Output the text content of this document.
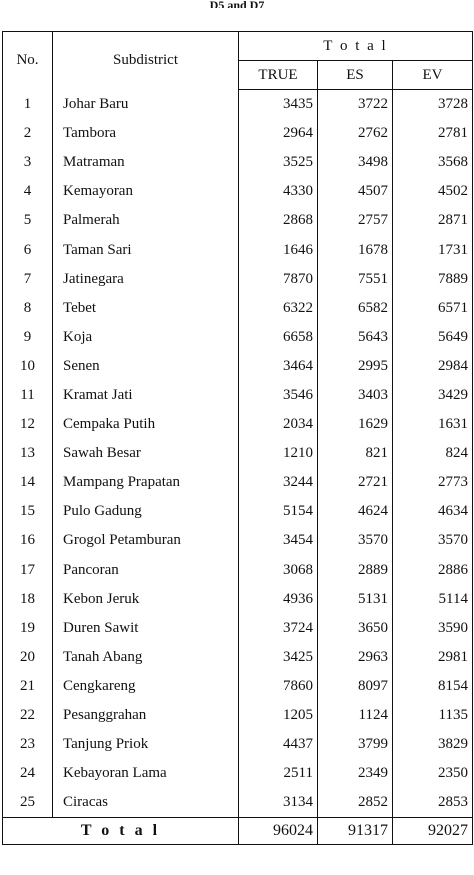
D5 and D7
No.	Subdistrict	T o t a l		
		TRUE	ES	EV
1	Johar Baru	3435	3722	3728
2	Tambora	2964	2762	2781
3	Matraman	3525	3498	3568
4	Kemayoran	4330	4507	4502
5	Palmerah	2868	2757	2871
6	Taman Sari	1646	1678	1731
7	Jatinegara	7870	7551	7889
8	Tebet	6322	6582	6571
9	Koja	6658	5643	5649
10	Senen	3464	2995	2984
11	Kramat Jati	3546	3403	3429
12	Cempaka Putih	2034	1629	1631
13	Sawah Besar	1210	821	824
14	Mampang Prapatan	3244	2721	2773
15	Pulo Gadung	5154	4624	4634
16	Grogol Petamburan	3454	3570	3570
17	Pancoran	3068	2889	2886
18	Kebon Jeruk	4936	5131	5114
19	Duren Sawit	3724	3650	3590
20	Tanah Abang	3425	2963	2981
21	Cengkareng	7860	8097	8154
22	Pesanggrahan	1205	1124	1135
23	Tanjung Priok	4437	3799	3829
24	Kebayoran Lama	2511	2349	2350
25	Ciracas	3134	2852	2853
T o t a l		96024	91317	92027
